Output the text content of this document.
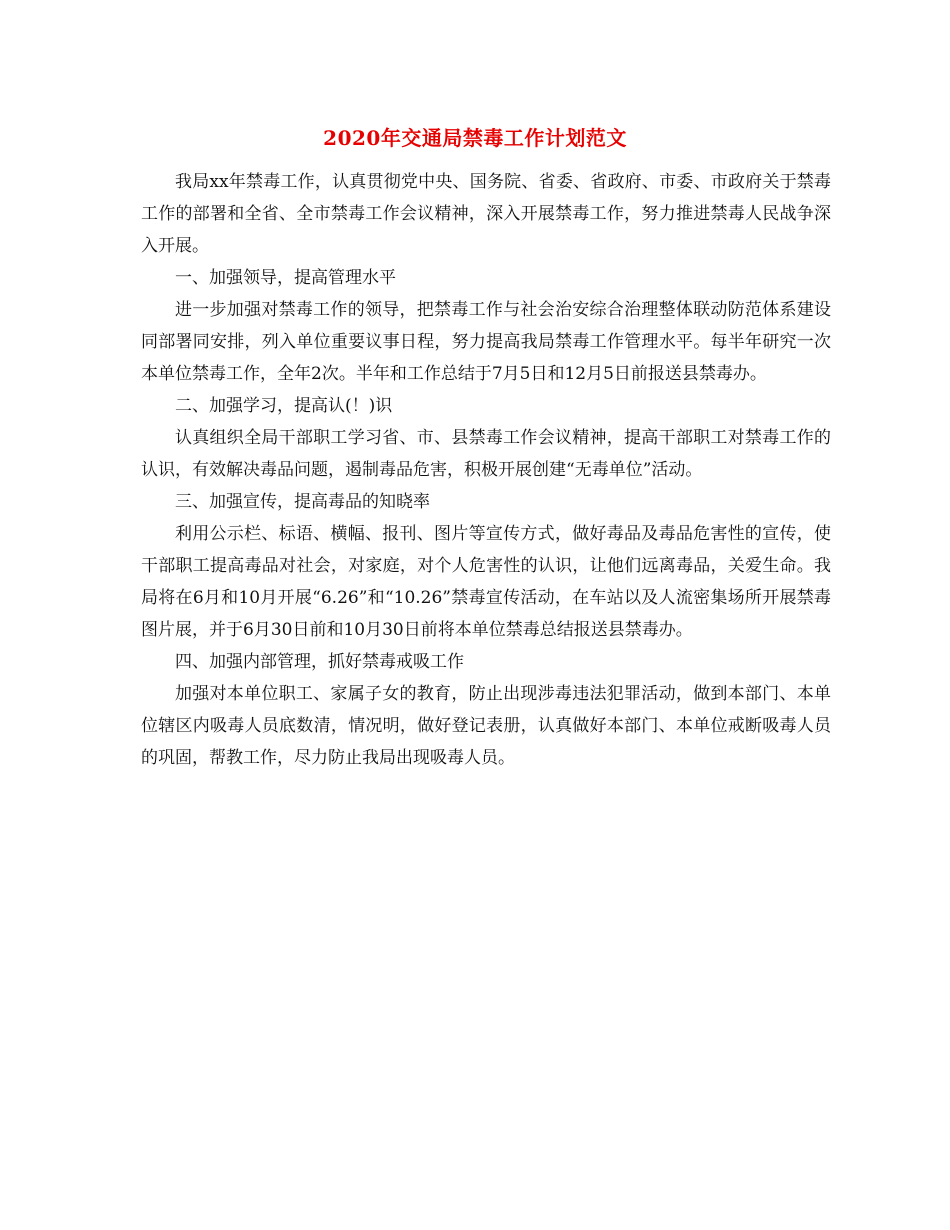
2020年交通局禁毒工作计划范文

我局xx年禁毒工作，认真贯彻党中央、国务院、省委、省政府、市委、市政府关于禁毒工作的部署和全省、全市禁毒工作会议精神，深入开展禁毒工作，努力推进禁毒人民战争深入开展。

一、加强领导，提高管理水平

进一步加强对禁毒工作的领导，把禁毒工作与社会治安综合治理整体联动防范体系建设同部署同安排，列入单位重要议事日程，努力提高我局禁毒工作管理水平。每半年研究一次本单位禁毒工作，全年2次。半年和工作总结于7月5日和12月5日前报送县禁毒办。

二、加强学习，提高认(！)识

认真组织全局干部职工学习省、市、县禁毒工作会议精神，提高干部职工对禁毒工作的认识，有效解决毒品问题，遏制毒品危害，积极开展创建“无毒单位”活动。

三、加强宣传，提高毒品的知晓率

利用公示栏、标语、横幅、报刊、图片等宣传方式，做好毒品及毒品危害性的宣传，使干部职工提高毒品对社会，对家庭，对个人危害性的认识，让他们远离毒品，关爱生命。我局将在6月和10月开展“6.26”和“10.26”禁毒宣传活动，在车站以及人流密集场所开展禁毒图片展，并于6月30日前和10月30日前将本单位禁毒总结报送县禁毒办。

四、加强内部管理，抓好禁毒戒吸工作

加强对本单位职工、家属子女的教育，防止出现涉毒违法犯罪活动，做到本部门、本单位辖区内吸毒人员底数清，情况明，做好登记表册，认真做好本部门、本单位戒断吸毒人员的巩固，帮教工作，尽力防止我局出现吸毒人员。
